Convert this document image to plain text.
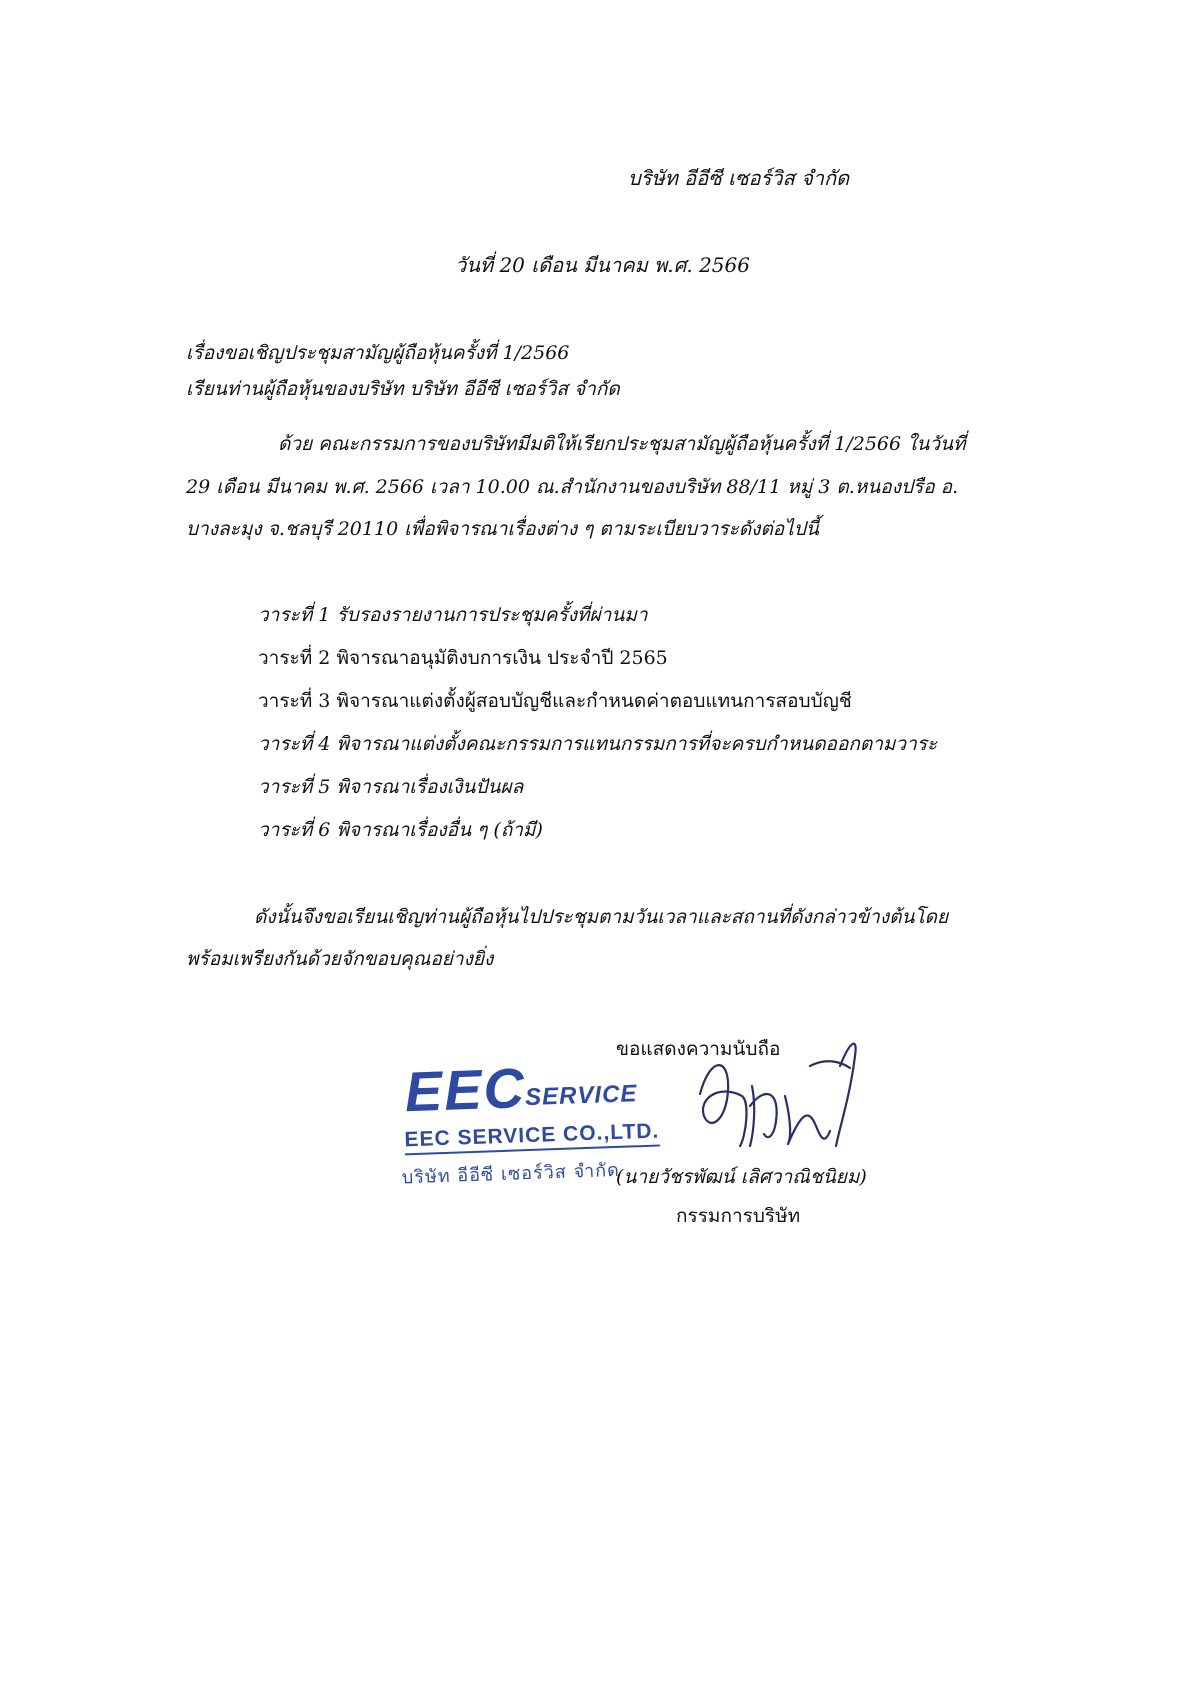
บริษัท อีอีซี เซอร์วิส จำกัด
วันที่ 20 เดือน มีนาคม พ.ศ. 2566
เรื่องขอเชิญประชุมสามัญผู้ถือหุ้นครั้งที่ 1/2566
เรียนท่านผู้ถือหุ้นของบริษัท บริษัท อีอีซี เซอร์วิส จำกัด
ด้วย คณะกรรมการของบริษัทมีมติให้เรียกประชุมสามัญผู้ถือหุ้นครั้งที่ 1/2566 ในวันที่
29 เดือน มีนาคม พ.ศ. 2566 เวลา 10.00 ณ.สำนักงานของบริษัท 88/11 หมู่ 3 ต.หนองปรือ อ.
บางละมุง จ.ชลบุรี 20110 เพื่อพิจารณาเรื่องต่าง ๆ ตามระเบียบวาระดังต่อไปนี้
วาระที่ 1 รับรองรายงานการประชุมครั้งที่ผ่านมา
วาระที่ 2 พิจารณาอนุมัติงบการเงิน ประจำปี 2565
วาระที่ 3 พิจารณาแต่งตั้งผู้สอบบัญชีและกำหนดค่าตอบแทนการสอบบัญชี
วาระที่ 4 พิจารณาแต่งตั้งคณะกรรมการแทนกรรมการที่จะครบกำหนดออกตามวาระ
วาระที่ 5 พิจารณาเรื่องเงินปันผล
วาระที่ 6 พิจารณาเรื่องอื่น ๆ (ถ้ามี)
ดังนั้นจึงขอเรียนเชิญท่านผู้ถือหุ้นไปประชุมตามวันเวลาและสถานที่ดังกล่าวข้างต้นโดย
พร้อมเพรียงกันด้วยจักขอบคุณอย่างยิ่ง
ขอแสดงความนับถือ
EEC
SERVICE
EEC SERVICE CO.,LTD.
บริษัท อีอีซี เซอร์วิส จำกัด
(นายวัชรพัฒน์ เลิศวาณิชนิยม)
กรรมการบริษัท
